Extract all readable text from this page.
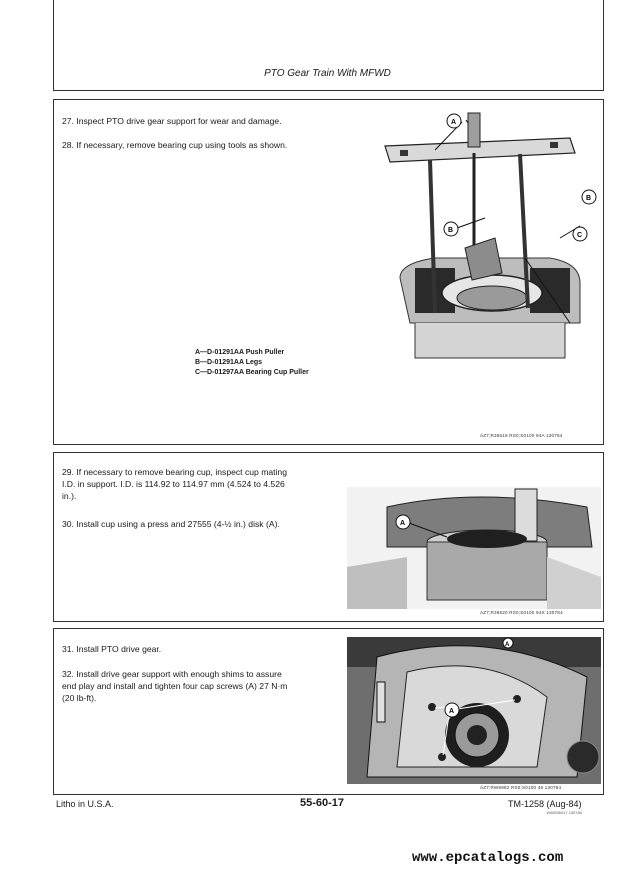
PTO Gear Train With MFWD
27. Inspect PTO drive gear support for wear and damage.
28. If necessary, remove bearing cup using tools as shown.
A—D-01291AA Push Puller
B—D-01291AA Legs
C—D-01297AA Bearing Cup Puller
A
B
B
C
AZ7;R36519 RS0;S0100 94A 130784
29. If necessary to remove bearing cup, inspect cup mating
I.D. in support. I.D. is 114.92 to 114.97 mm (4.524 to 4.526
in.).
30. Install cup using a press and 27555 (4-½ in.) disk (A).	A
AZ7;R36520 RS0;S0100 94S 130784
31. Install PTO drive gear.
32. Install drive gear support with enough shims to assure
end play and install and tighten four cap screws (A) 27 N·m
(20 lb-ft).
A
A
AZ7;RW6982 RS0;S0100 46 130784
Litho in U.S.A.	55-60-17	TM-1258 (Aug-84)
1983/S6017 130784
www.epcatalogs.com
